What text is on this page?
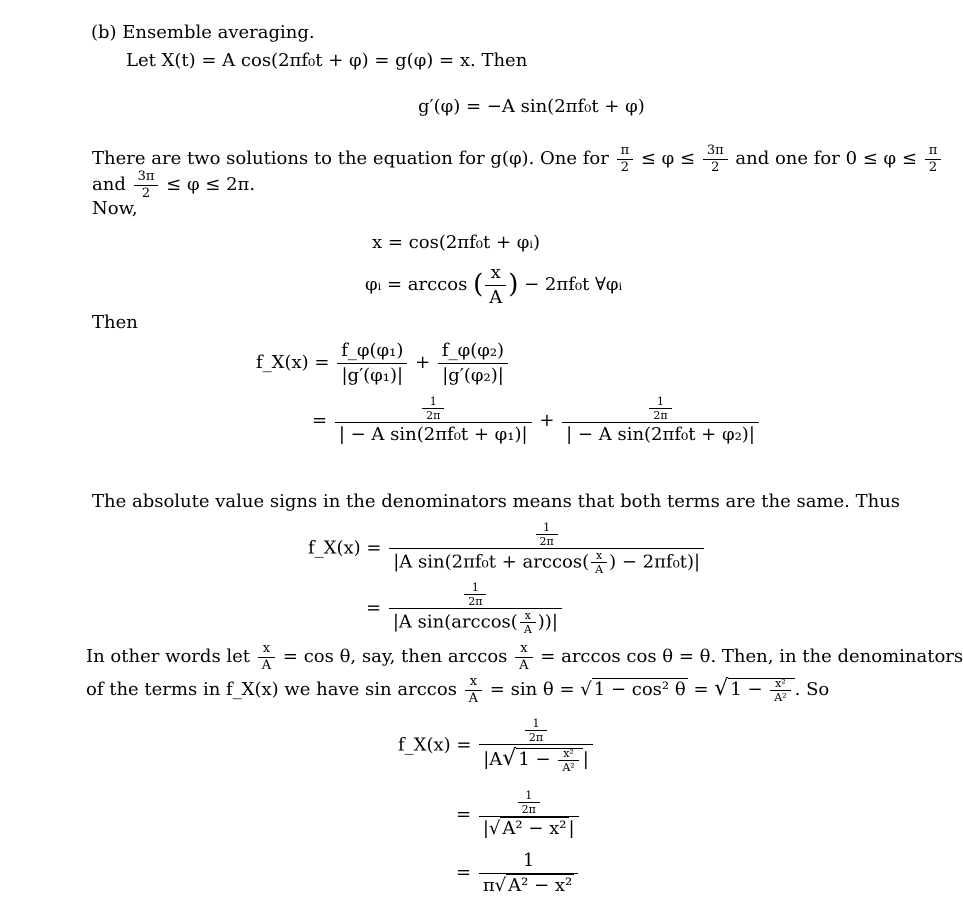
(b) Ensemble averaging.
Let X(t) = A cos(2πf₀t + φ) = g(φ) = x. Then
g′(φ) = −A sin(2πf₀t + φ)
There are two solutions to the equation for g(φ). One for $\frac{\pi}{2} \le \varphi \le \frac{3\pi}{2}$ and one for $0 \le \varphi \le \frac{\pi}{2}$
and $\frac{3\pi}{2} \le \varphi \le 2\pi$.
Now,
x = cos(2πf₀t + φᵢ)
φᵢ = arccos ( $\frac{x}{A}$ ) − 2πf₀t ∀φᵢ
Then
f_X(x) = $\frac{\text{f\_φ(φ₁)}}{\text{|g′(φ₁)|}} + \frac{\text{f\_φ(φ₂)}}{\text{|g′(φ₂)|}}$
= $\frac{\frac{1}{2\pi}}{\text{| − A sin(2πf₀t + φ₁)|}} + \frac{\frac{1}{2\pi}}{\text{| − A sin(2πf₀t + φ₂)|}}$
The absolute value signs in the denominators means that both terms are the same. Thus
f_X(x) = $\frac{\frac{1}{2\pi}}{|A \sin(2\pi f_0t + \arccos( \frac{x}{A} ) - 2\pi f_0t)|}$
= $\frac{\frac{1}{2\pi}}{|A \sin(\arccos( \frac{x}{A} ))|}$
In other words let $\frac{x}{A} = \cos \theta$, say, then $\arccos \frac{x}{A} = \arccos \cos \theta = \theta$. Then, in the denominators
of the terms in f_X(x) we have $\sin \arccos \frac{x}{A} = \sin \theta$ = √ 1 − cos² θ = √ $1 - \frac{\text{x²}}{\text{A²}}$ . So
f_X(x) = $\frac{\frac{1}{2\pi}}{|A√ 1 - \frac{\text{x²}}{\text{A²}} |}$
= $\frac{\frac{1}{2\pi}}{\text{|√ A² − x² |}}$
= $\frac{1}{\text{π√ A² − x²}}$
